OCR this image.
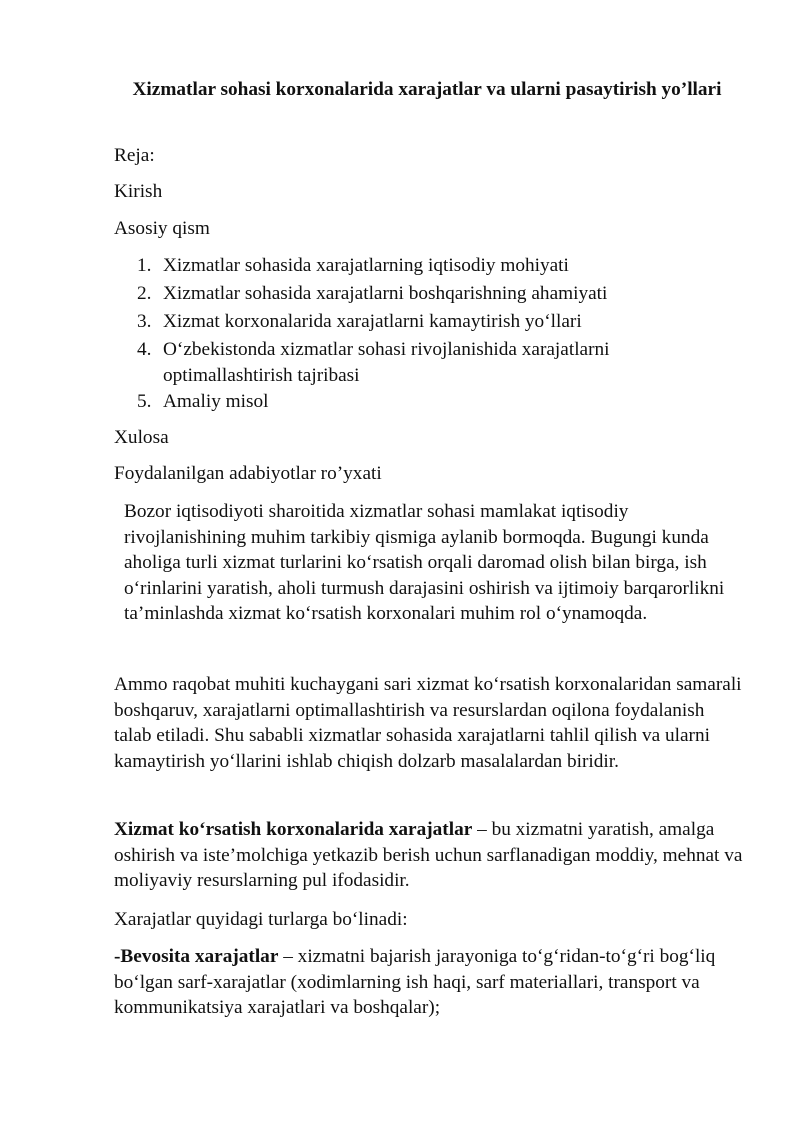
Xizmatlar sohasi korxonalarida xarajatlar va ularni pasaytirish yo’llari

Reja:

Kirish

Asosiy qism

1. Xizmatlar sohasida xarajatlarning iqtisodiy mohiyati
2. Xizmatlar sohasida xarajatlarni boshqarishning ahamiyati
3. Xizmat korxonalarida xarajatlarni kamaytirish yo‘llari
4. O‘zbekistonda xizmatlar sohasi rivojlanishida xarajatlarni optimallashtirish tajribasi
5. Amaliy misol

Xulosa

Foydalanilgan adabiyotlar ro’yxati

Bozor iqtisodiyoti sharoitida xizmatlar sohasi mamlakat iqtisodiy rivojlanishining muhim tarkibiy qismiga aylanib bormoqda. Bugungi kunda aholiga turli xizmat turlarini ko‘rsatish orqali daromad olish bilan birga, ish o‘rinlarini yaratish, aholi turmush darajasini oshirish va ijtimoiy barqarorlikni ta’minlashda xizmat ko‘rsatish korxonalari muhim rol o‘ynamoqda.

Ammo raqobat muhiti kuchaygani sari xizmat ko‘rsatish korxonalaridan samarali boshqaruv, xarajatlarni optimallashtirish va resurslardan oqilona foydalanish talab etiladi. Shu sababli xizmatlar sohasida xarajatlarni tahlil qilish va ularni kamaytirish yo‘llarini ishlab chiqish dolzarb masalalardan biridir.

Xizmat ko‘rsatish korxonalarida xarajatlar – bu xizmatni yaratish, amalga oshirish va iste’molchiga yetkazib berish uchun sarflanadigan moddiy, mehnat va moliyaviy resurslarning pul ifodasidir.

Xarajatlar quyidagi turlarga bo‘linadi:

-Bevosita xarajatlar – xizmatni bajarish jarayoniga to‘g‘ridan-to‘g‘ri bog‘liq bo‘lgan sarf-xarajatlar (xodimlarning ish haqi, sarf materiallari, transport va kommunikatsiya xarajatlari va boshqalar);
